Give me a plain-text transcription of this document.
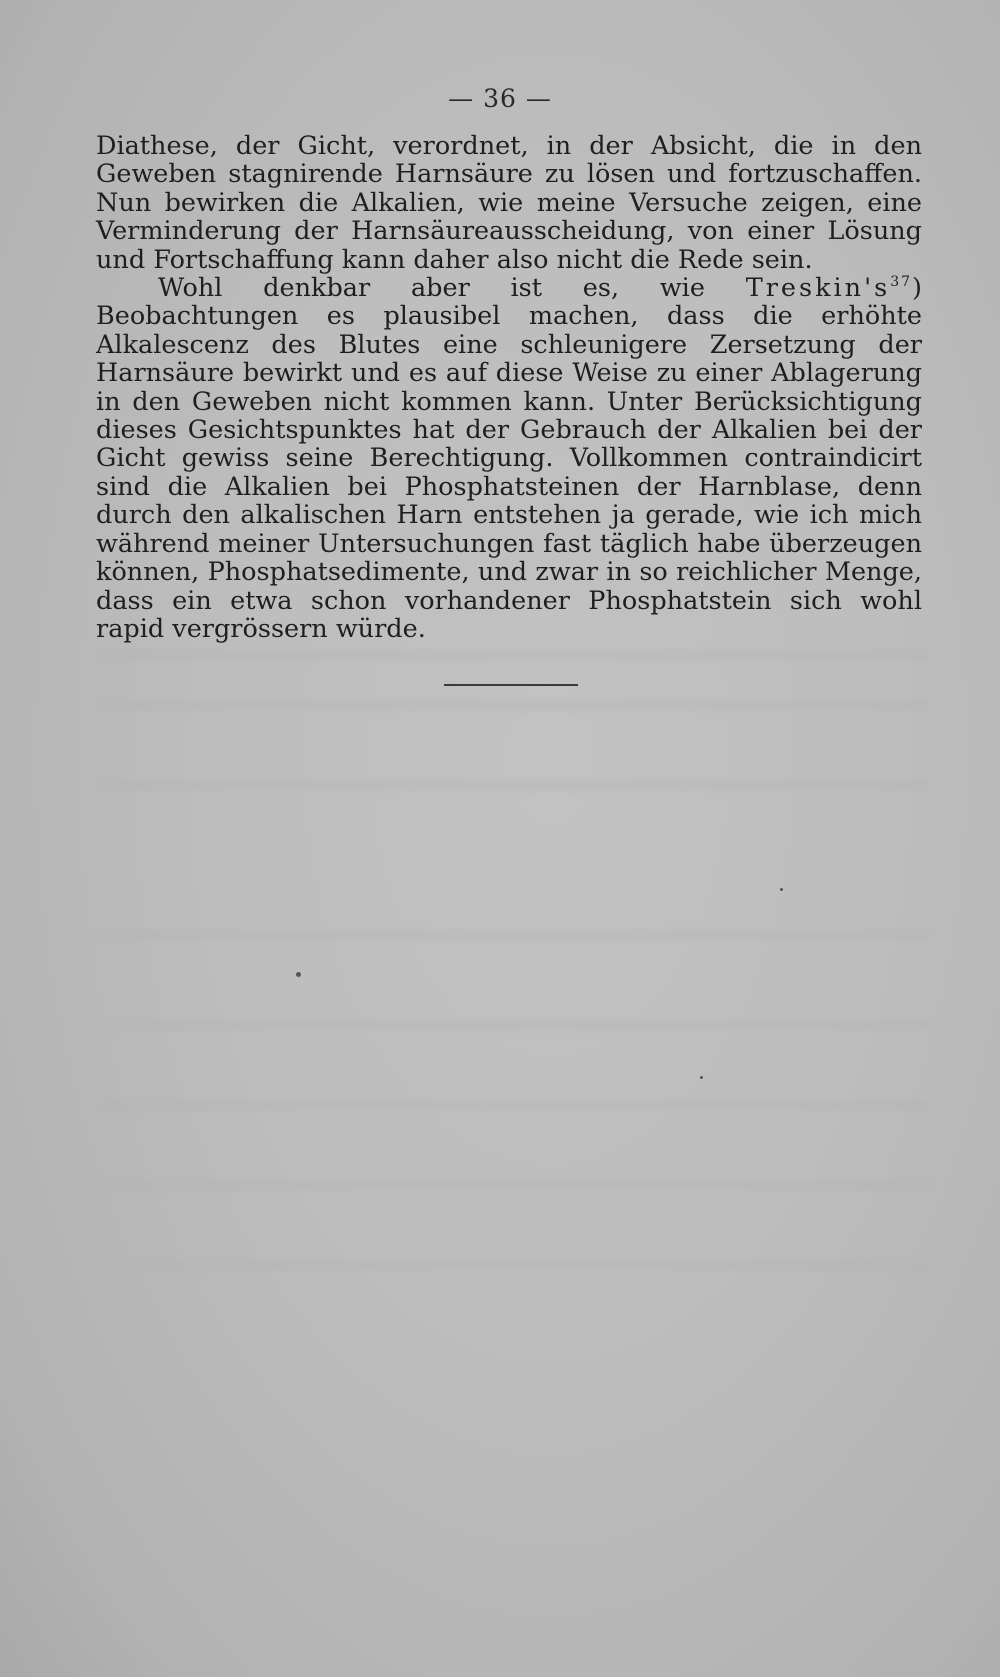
— 36 —

Diathese, der Gicht, verordnet, in der Absicht, die in den Geweben stagnirende Harnsäure zu lösen und fortzuschaffen. Nun bewirken die Alkalien, wie meine Versuche zeigen, eine Verminderung der Harnsäureausscheidung, von einer Lösung und Fortschaffung kann daher also nicht die Rede sein.

Wohl denkbar aber ist es, wie $Treskin's^{37}$) Beobachtungen es plausibel machen, dass die erhöhte Alkalescenz des Blutes eine schleunigere Zersetzung der Harnsäure bewirkt und es auf diese Weise zu einer Ablagerung in den Geweben nicht kommen kann. Unter Berücksichtigung dieses Gesichtspunktes hat der Gebrauch der Alkalien bei der Gicht gewiss seine Berechtigung. Vollkommen contraindicirt sind die Alkalien bei Phosphatsteinen der Harnblase, denn durch den alkalischen Harn entstehen ja gerade, wie ich mich während meiner Untersuchungen fast täglich habe überzeugen können, Phosphatsedimente, und zwar in so reichlicher Menge, dass ein etwa schon vorhandener Phosphatstein sich wohl rapid vergrössern würde.
